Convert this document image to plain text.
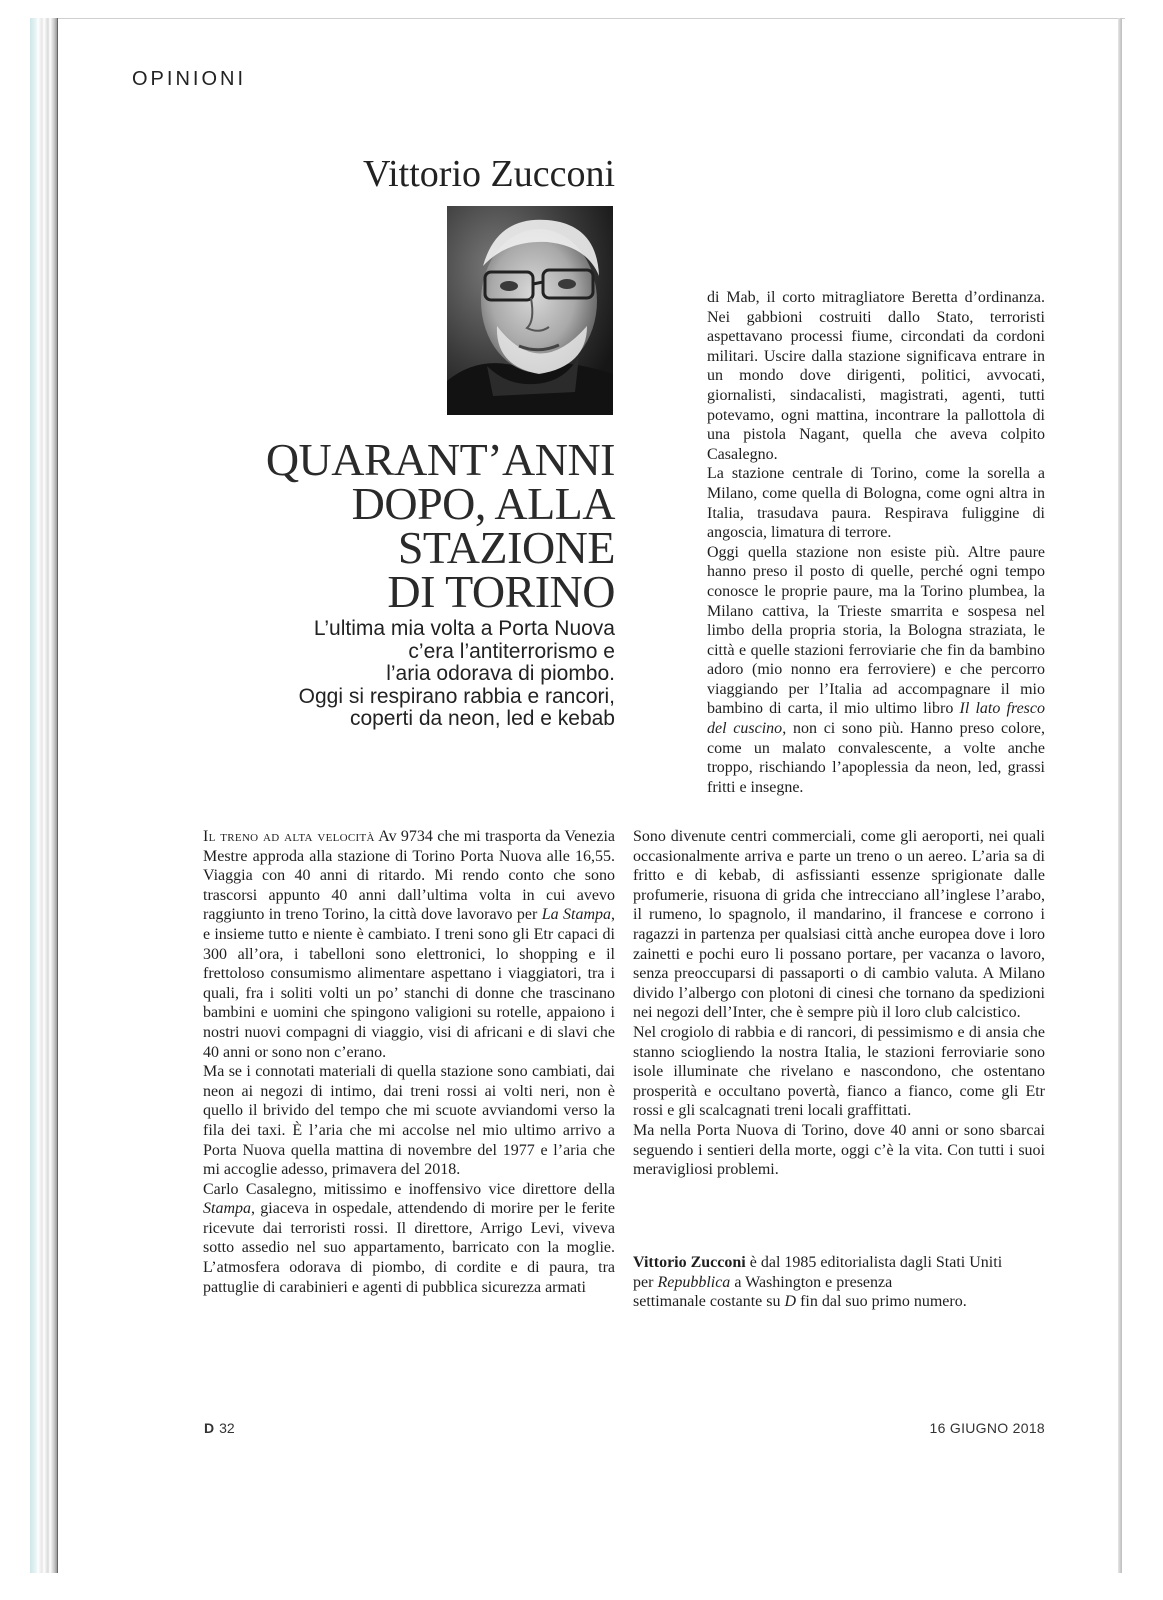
OPINIONI
Vittorio Zucconi
QUARANT’ANNI
DOPO, ALLA
STAZIONE
DI TORINO
L’ultima mia volta a Porta Nuova
c’era l’antiterrorismo e
l’aria odorava di piombo.
Oggi si respirano rabbia e rancori,
coperti da neon, led e kebab

Il treno ad alta velocità Av 9734 che mi trasporta da Venezia Mestre approda alla stazione di Torino Porta Nuova alle 16,55. Viaggia con 40 anni di ritardo. Mi rendo conto che sono trascorsi appunto 40 anni dall’ultima volta in cui avevo raggiunto in treno Torino, la città dove lavoravo per La Stampa, e insieme tutto e niente è cambiato. I treni sono gli Etr capaci di 300 all’ora, i tabelloni sono elettronici, lo shopping e il frettoloso consumismo alimentare aspettano i viaggiatori, tra i quali, fra i soliti volti un po’ stanchi di donne che trascinano bambini e uomini che spingono valigioni su rotelle, appaiono i nostri nuovi compagni di viaggio, visi di africani e di slavi che 40 anni or sono non c’erano.

Ma se i connotati materiali di quella stazione sono cambiati, dai neon ai negozi di intimo, dai treni rossi ai volti neri, non è quello il brivido del tempo che mi scuote avviandomi verso la fila dei taxi. È l’aria che mi accolse nel mio ultimo arrivo a Porta Nuova quella mattina di novembre del 1977 e l’aria che mi accoglie adesso, primavera del 2018.

Carlo Casalegno, mitissimo e inoffensivo vice direttore della Stampa, giaceva in ospedale, attendendo di morire per le ferite ricevute dai terroristi rossi. Il direttore, Arrigo Levi, viveva sotto assedio nel suo appartamento, barricato con la moglie. L’atmosfera odorava di piombo, di cordite e di paura, tra pattuglie di carabinieri e agenti di pubblica sicurezza armati

di Mab, il corto mitragliatore Beretta d’ordinanza. Nei gabbioni costruiti dallo Stato, terroristi aspettavano processi fiume, circondati da cordoni militari. Uscire dalla stazione significava entrare in un mondo dove dirigenti, politici, avvocati, giornalisti, sindacalisti, magistrati, agenti, tutti potevamo, ogni mattina, incontrare la pallottola di una pistola Nagant, quella che aveva colpito Casalegno.

La stazione centrale di Torino, come la sorella a Milano, come quella di Bologna, come ogni altra in Italia, trasudava paura. Respirava fuliggine di angoscia, limatura di terrore.

Oggi quella stazione non esiste più. Altre paure hanno preso il posto di quelle, perché ogni tempo conosce le proprie paure, ma la Torino plumbea, la Milano cattiva, la Trieste smarrita e sospesa nel limbo della propria storia, la Bologna straziata, le città e quelle stazioni ferroviarie che fin da bambino adoro (mio nonno era ferroviere) e che percorro viaggiando per l’Italia ad accompagnare il mio bambino di carta, il mio ultimo libro Il lato fresco del cuscino, non ci sono più. Hanno preso colore, come un malato convalescente, a volte anche troppo, rischiando l’apoplessia da neon, led, grassi fritti e insegne.

Sono divenute centri commerciali, come gli aeroporti, nei quali occasionalmente arriva e parte un treno o un aereo. L’aria sa di fritto e di kebab, di asfissianti essenze sprigionate dalle profumerie, risuona di grida che intrecciano all’inglese l’arabo, il rumeno, lo spagnolo, il mandarino, il francese e corrono i ragazzi in partenza per qualsiasi città anche europea dove i loro zainetti e pochi euro li possano portare, per vacanza o lavoro, senza preoccuparsi di passaporti o di cambio valuta. A Milano divido l’albergo con plotoni di cinesi che tornano da spedizioni nei negozi dell’Inter, che è sempre più il loro club calcistico.

Nel crogiolo di rabbia e di rancori, di pessimismo e di ansia che stanno sciogliendo la nostra Italia, le stazioni ferroviarie sono isole illuminate che rivelano e nascondono, che ostentano prosperità e occultano povertà, fianco a fianco, come gli Etr rossi e gli scalcagnati treni locali graffittati.

Ma nella Porta Nuova di Torino, dove 40 anni or sono sbarcai seguendo i sentieri della morte, oggi c’è la vita. Con tutti i suoi meravigliosi problemi.

Vittorio Zucconi è dal 1985 editorialista dagli Stati Uniti

per Repubblica a Washington e presenza

settimanale costante su D fin dal suo primo numero.

D 32	16 GIUGNO 2018
